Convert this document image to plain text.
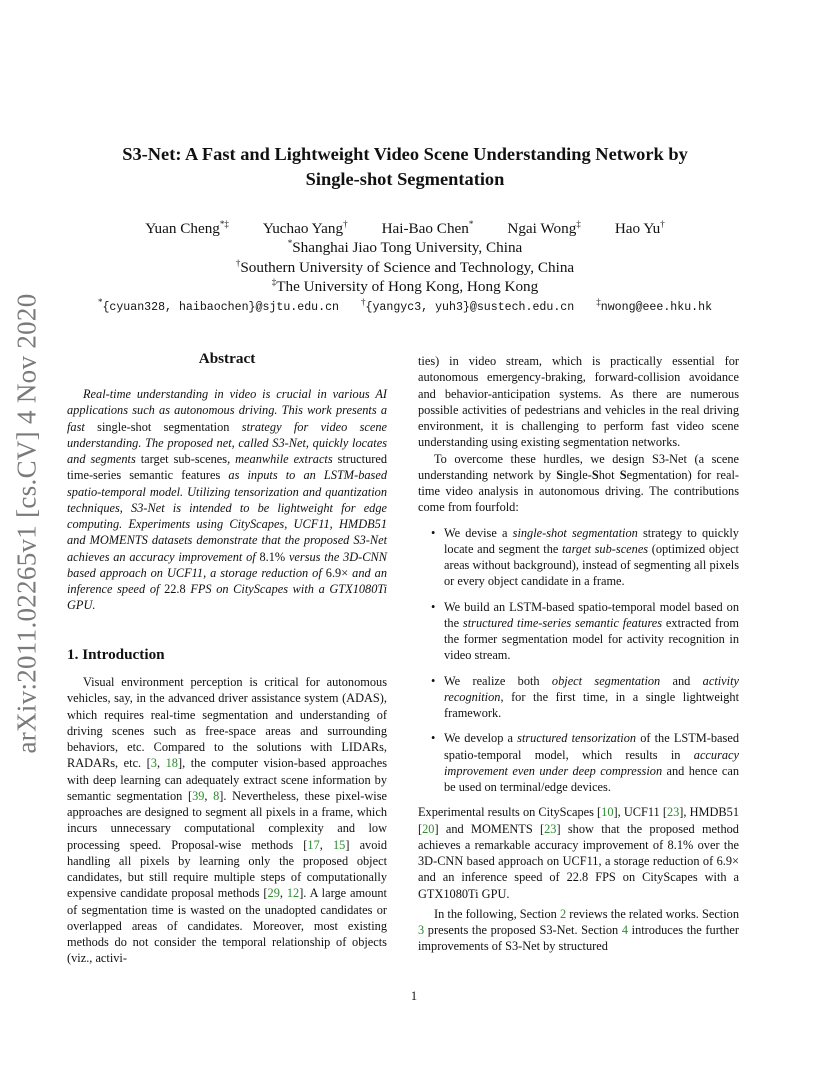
arXiv:2011.02265v1 [cs.CV] 4 Nov 2020
S3-Net: A Fast and Lightweight Video Scene Understanding Network by
Single-shot Segmentation
Yuan Cheng*‡ Yuchao Yang† Hai-Bao Chen* Ngai Wong‡ Hao Yu†
*Shanghai Jiao Tong University, China
†Southern University of Science and Technology, China
‡The University of Hong Kong, Hong Kong
*{cyuan328, haibaochen}@sjtu.edu.cn †{yangyc3, yuh3}@sustech.edu.cn ‡nwong@eee.hku.hk
Abstract

Real-time understanding in video is crucial in various AI applications such as autonomous driving. This work presents a fast single-shot segmentation strategy for video scene understanding. The proposed net, called S3-Net, quickly locates and segments target sub-scenes, meanwhile extracts structured time-series semantic features as inputs to an LSTM-based spatio-temporal model. Utilizing tensorization and quantization techniques, S3-Net is intended to be lightweight for edge computing. Experiments using CityScapes, UCF11, HMDB51 and MOMENTS datasets demonstrate that the proposed S3-Net achieves an accuracy improvement of 8.1% versus the 3D-CNN based approach on UCF11, a storage reduction of 6.9× and an inference speed of 22.8 FPS on CityScapes with a GTX1080Ti GPU.

1. Introduction

Visual environment perception is critical for autonomous vehicles, say, in the advanced driver assistance system (ADAS), which requires real-time segmentation and understanding of driving scenes such as free-space areas and surrounding behaviors, etc. Compared to the solutions with LIDARs, RADARs, etc. [3, 18], the computer vision-based approaches with deep learning can adequately extract scene information by semantic segmentation [39, 8]. Nevertheless, these pixel-wise approaches are designed to segment all pixels in a frame, which incurs unnecessary computational complexity and low processing speed. Proposal-wise methods [17, 15] avoid handling all pixels by learning only the proposed object candidates, but still require multiple steps of computationally expensive candidate proposal methods [29, 12]. A large amount of segmentation time is wasted on the unadopted candidates or overlapped areas of candidates. Moreover, most existing methods do not consider the temporal relationship of objects (viz., activi-

ties) in video stream, which is practically essential for autonomous emergency-braking, forward-collision avoidance and behavior-anticipation systems. As there are numerous possible activities of pedestrians and vehicles in the real driving environment, it is challenging to perform fast video scene understanding using existing segmentation networks.

To overcome these hurdles, we design S3-Net (a scene understanding network by Single-Shot Segmentation) for real-time video analysis in autonomous driving. The contributions come from fourfold:

• We devise a single-shot segmentation strategy to quickly locate and segment the target sub-scenes (optimized object areas without background), instead of segmenting all pixels or every object candidate in a frame.
• We build an LSTM-based spatio-temporal model based on the structured time-series semantic features extracted from the former segmentation model for activity recognition in video stream.
• We realize both object segmentation and activity recognition, for the first time, in a single lightweight framework.
• We develop a structured tensorization of the LSTM-based spatio-temporal model, which results in accuracy improvement even under deep compression and hence can be used on terminal/edge devices.

Experimental results on CityScapes [10], UCF11 [23], HMDB51 [20] and MOMENTS [23] show that the proposed method achieves a remarkable accuracy improvement of 8.1% over the 3D-CNN based approach on UCF11, a storage reduction of 6.9× and an inference speed of 22.8 FPS on CityScapes with a GTX1080Ti GPU.

In the following, Section 2 reviews the related works. Section 3 presents the proposed S3-Net. Section 4 introduces the further improvements of S3-Net by structured

1
